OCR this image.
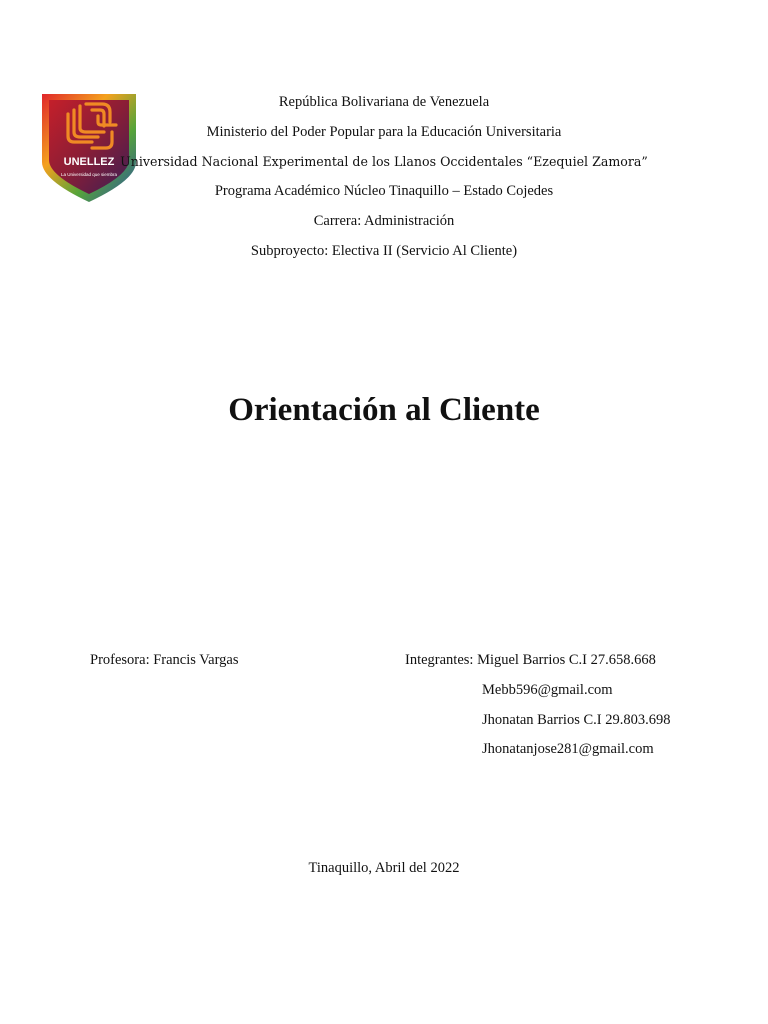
UNELLEZ
La Universidad que siembra
República Bolivariana de Venezuela
Ministerio del Poder Popular para la Educación Universitaria
Universidad Nacional Experimental de los Llanos Occidentales “Ezequiel Zamora”
Programa Académico Núcleo Tinaquillo – Estado Cojedes
Carrera: Administración
Subproyecto: Electiva II (Servicio Al Cliente)
Orientación al Cliente
Profesora: Francis Vargas	Integrantes: Miguel Barrios C.I 27.658.668
Mebb596@gmail.com
Jhonatan Barrios C.I 29.803.698
Jhonatanjose281@gmail.com
Tinaquillo, Abril del 2022
